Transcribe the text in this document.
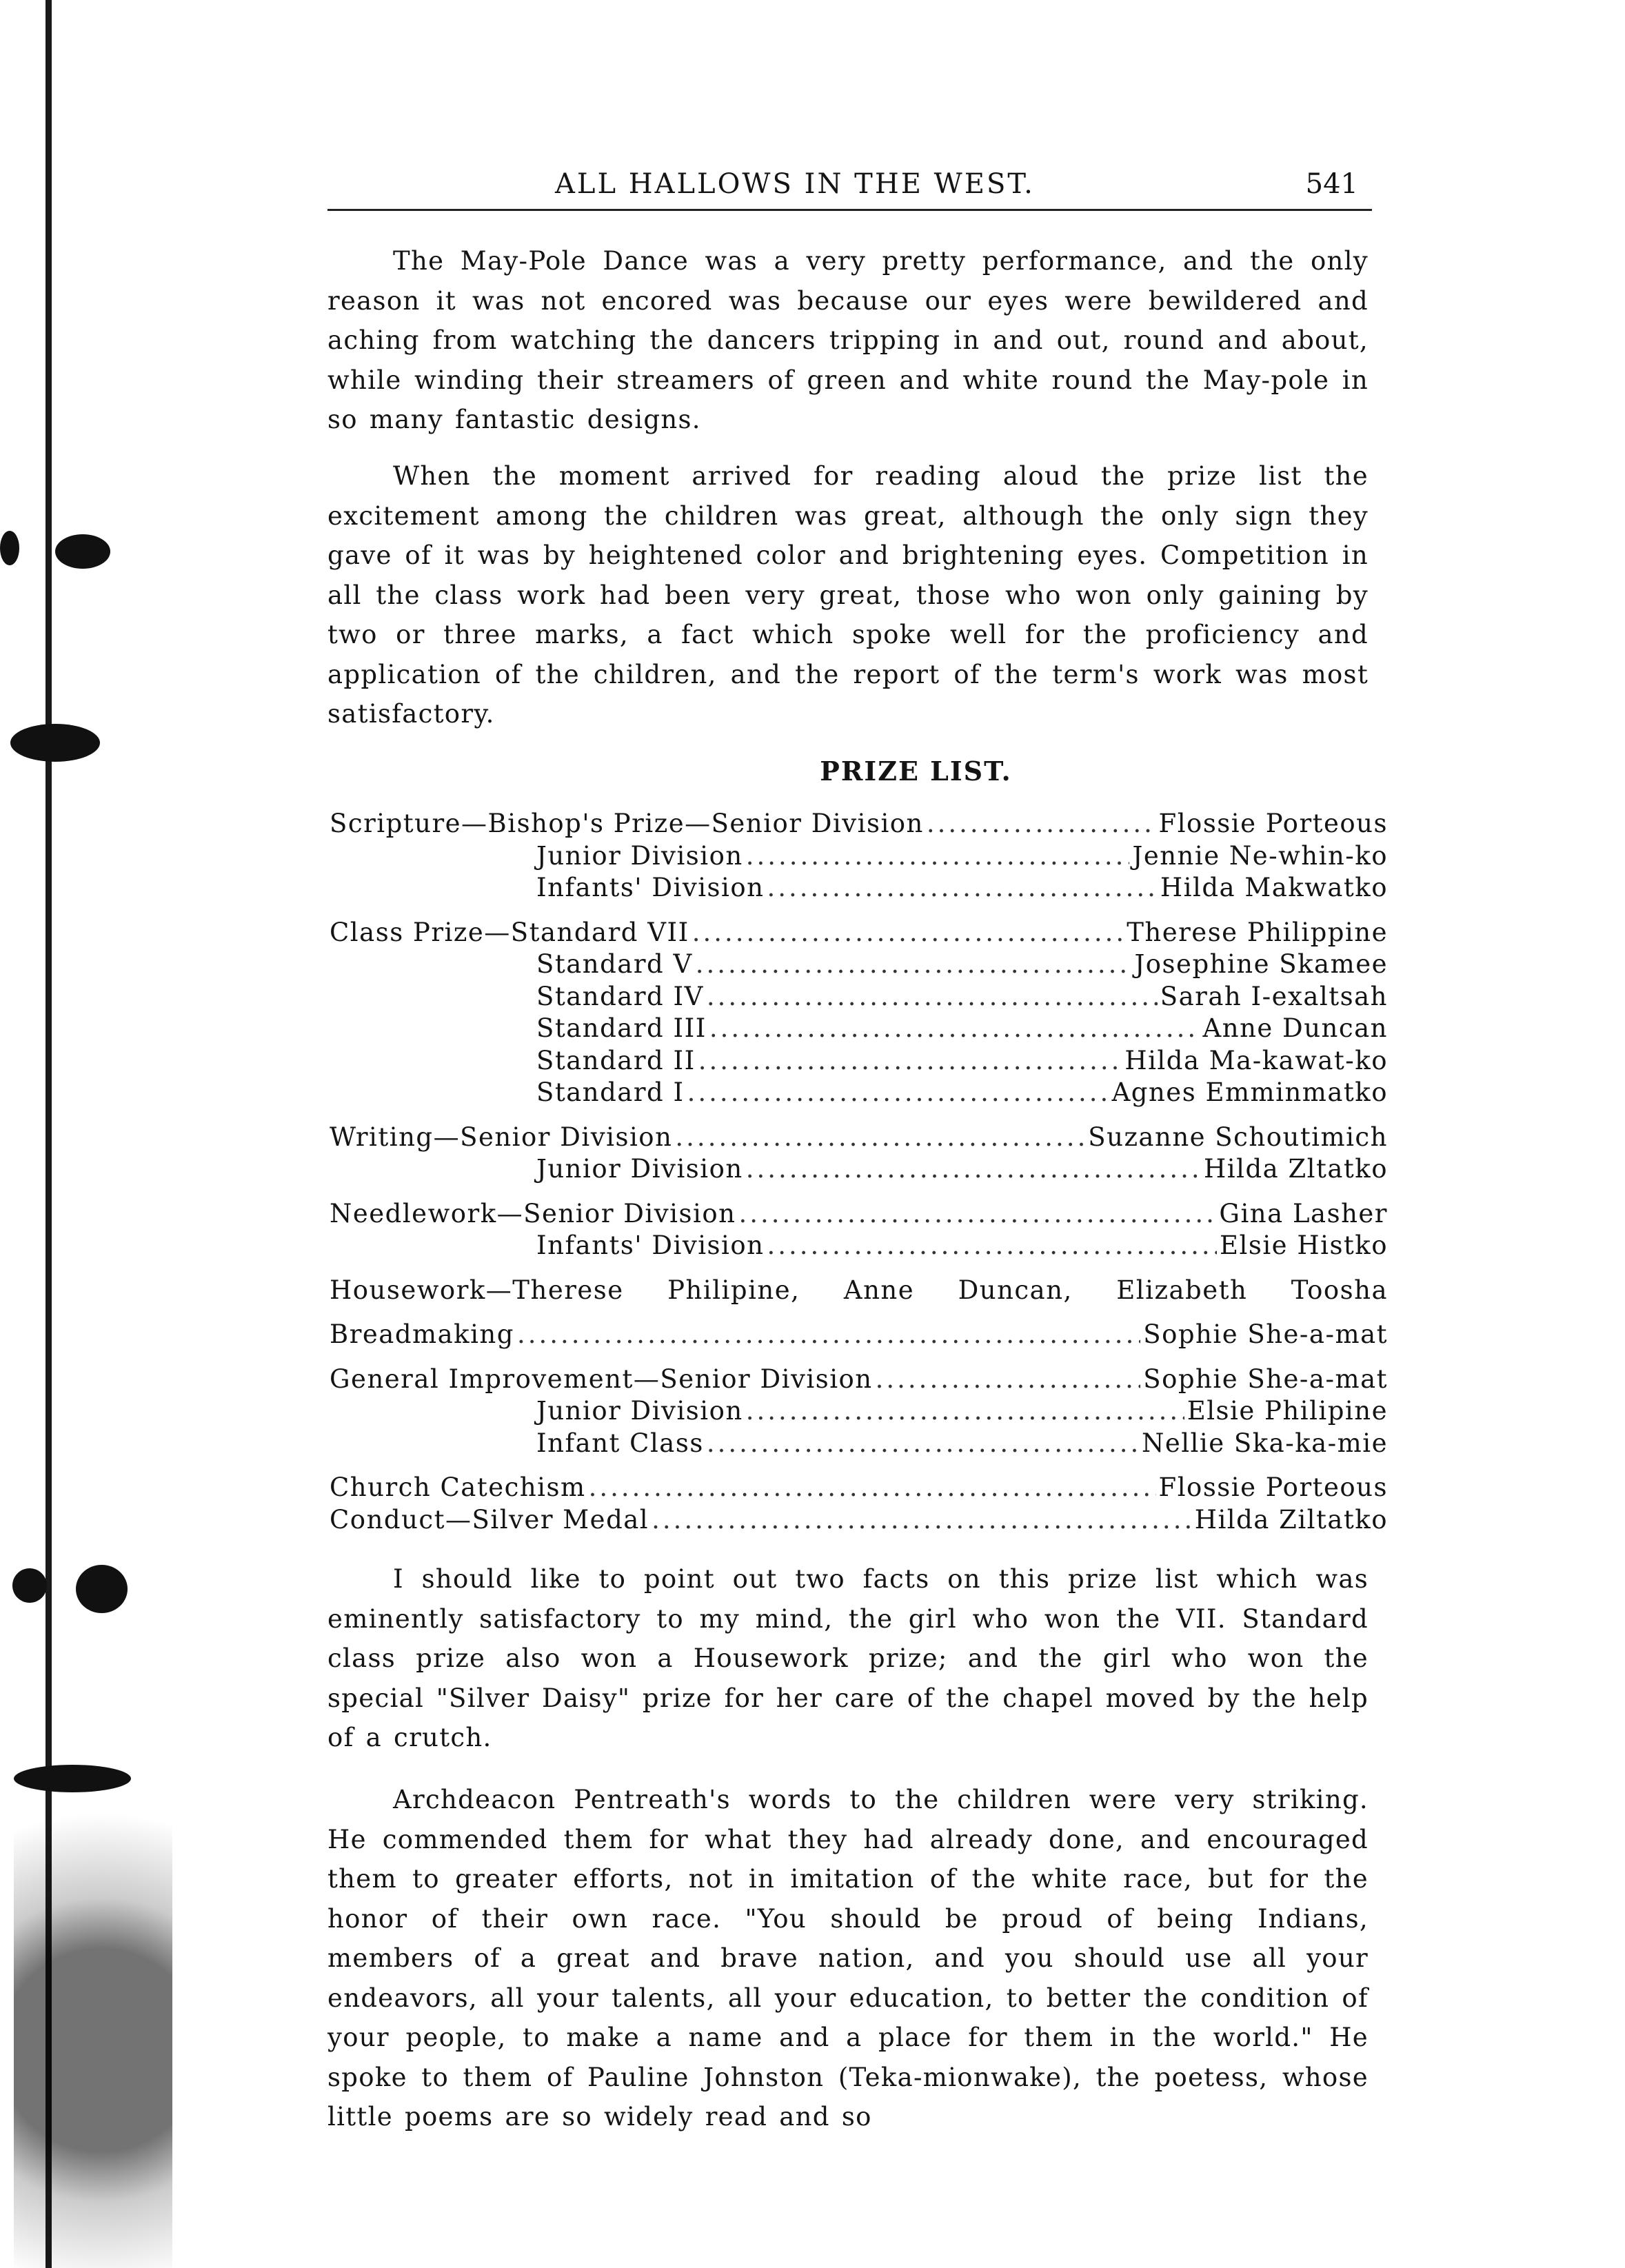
ALL HALLOWS IN THE WEST.	541

The May-Pole Dance was a very pretty performance, and the only reason it was not encored was because our eyes were bewildered and aching from watching the dancers tripping in and out, round and about, while winding their streamers of green and white round the May-pole in so many fantastic designs.

When the moment arrived for reading aloud the prize list the excitement among the children was great, although the only sign they gave of it was by heightened color and brightening eyes. Competition in all the class work had been very great, those who won only gaining by two or three marks, a fact which spoke well for the proficiency and application of the children, and the report of the term's work was most satisfactory.

PRIZE LIST.
Scripture—Bishop's Prize—Senior Division .....	Flossie Porteous
Junior Division .....	Jennie Ne-whin-ko
Infants' Division .....	Hilda Makwatko
Class Prize—Standard VII .....	Therese Philippine
Standard V .....	Josephine Skamee
Standard IV .....	Sarah I-exaltsah
Standard III .....	Anne Duncan
Standard II .....	Hilda Ma-kawat-ko
Standard I .....	Agnes Emminmatko
Writing—Senior Division .....	Suzanne Schoutimich
Junior Division .....	Hilda Zltatko
Needlework—Senior Division .....	Gina Lasher
Infants' Division .....	Elsie Histko
Housework—Therese Philipine, Anne Duncan, Elizabeth Toosha
Breadmaking .....	Sophie She-a-mat
General Improvement—Senior Division .....	Sophie She-a-mat
Junior Division .....	Elsie Philipine
Infant Class .....	Nellie Ska-ka-mie
Church Catechism .....	Flossie Porteous
Conduct—Silver Medal .....	Hilda Ziltatko

I should like to point out two facts on this prize list which was eminently satisfactory to my mind, the girl who won the VII. Standard class prize also won a Housework prize; and the girl who won the special "Silver Daisy" prize for her care of the chapel moved by the help of a crutch.

Archdeacon Pentreath's words to the children were very striking. He commended them for what they had already done, and encouraged them to greater efforts, not in imitation of the white race, but for the honor of their own race. "You should be proud of being Indians, members of a great and brave nation, and you should use all your endeavors, all your talents, all your education, to better the condition of your people, to make a name and a place for them in the world." He spoke to them of Pauline Johnston (Teka-mionwake), the poetess, whose little poems are so widely read and so
